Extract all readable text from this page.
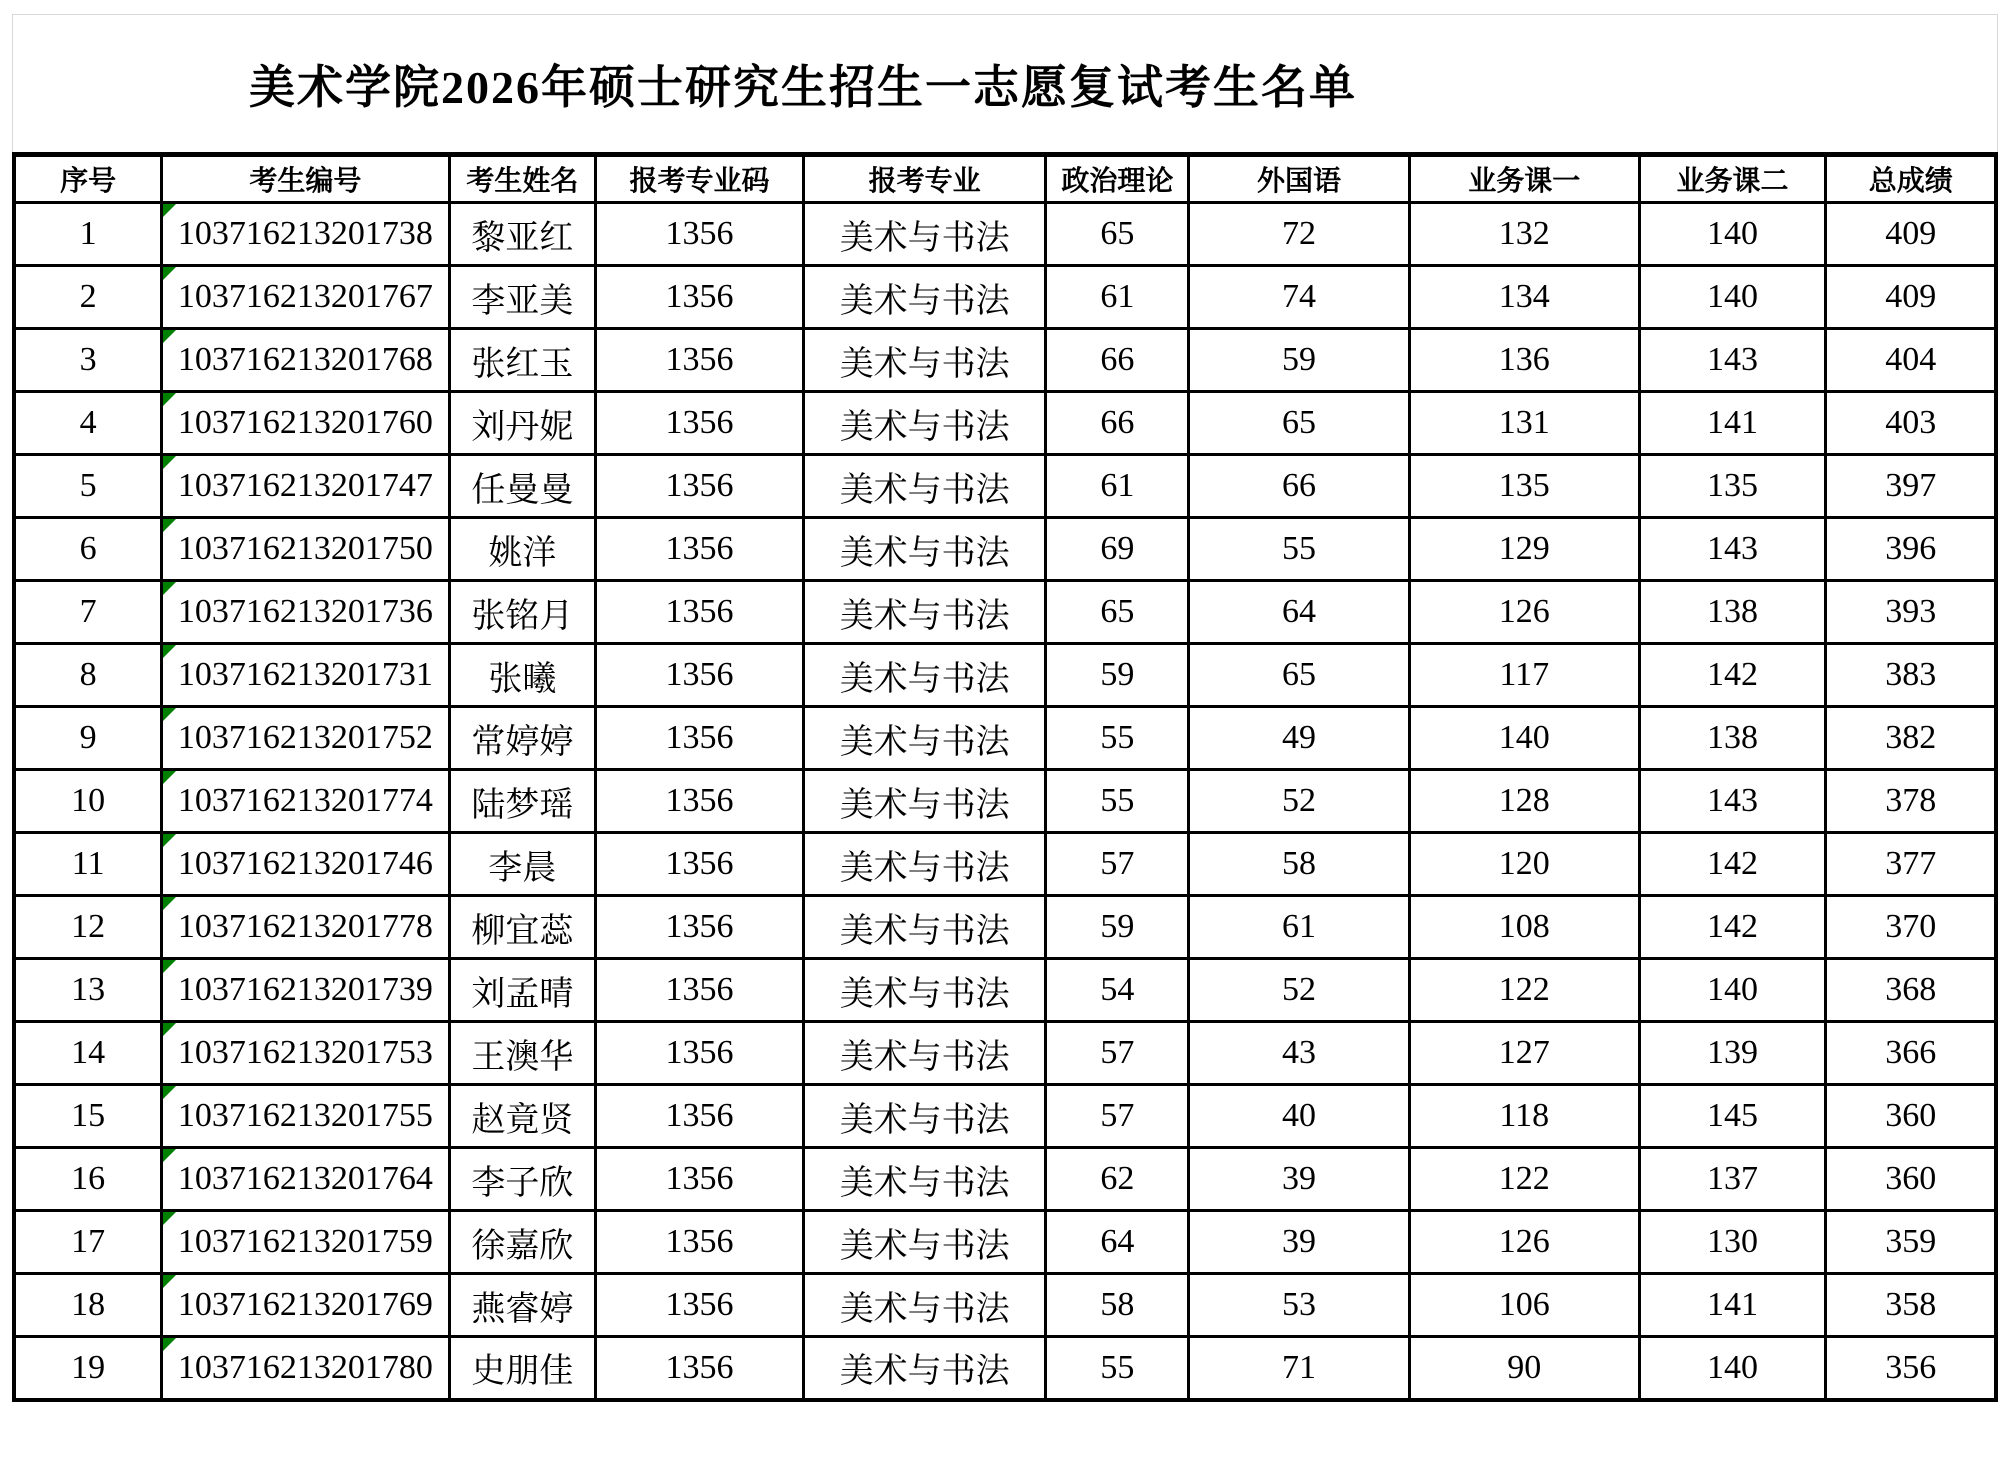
美术学院2026年硕士研究生招生一志愿复试考生名单
序号	考生编号	考生姓名	报考专业码	报考专业	政治理论	外国语	业务课一	业务课二	总成绩
1	103716213201738	黎亚红	1356	美术与书法	65	72	132	140	409
2	103716213201767	李亚美	1356	美术与书法	61	74	134	140	409
3	103716213201768	张红玉	1356	美术与书法	66	59	136	143	404
4	103716213201760	刘丹妮	1356	美术与书法	66	65	131	141	403
5	103716213201747	任曼曼	1356	美术与书法	61	66	135	135	397
6	103716213201750	姚洋	1356	美术与书法	69	55	129	143	396
7	103716213201736	张铭月	1356	美术与书法	65	64	126	138	393
8	103716213201731	张曦	1356	美术与书法	59	65	117	142	383
9	103716213201752	常婷婷	1356	美术与书法	55	49	140	138	382
10	103716213201774	陆梦瑶	1356	美术与书法	55	52	128	143	378
11	103716213201746	李晨	1356	美术与书法	57	58	120	142	377
12	103716213201778	柳宜蕊	1356	美术与书法	59	61	108	142	370
13	103716213201739	刘孟晴	1356	美术与书法	54	52	122	140	368
14	103716213201753	王澳华	1356	美术与书法	57	43	127	139	366
15	103716213201755	赵竟贤	1356	美术与书法	57	40	118	145	360
16	103716213201764	李子欣	1356	美术与书法	62	39	122	137	360
17	103716213201759	徐嘉欣	1356	美术与书法	64	39	126	130	359
18	103716213201769	燕睿婷	1356	美术与书法	58	53	106	141	358
19	103716213201780	史朋佳	1356	美术与书法	55	71	90	140	356
